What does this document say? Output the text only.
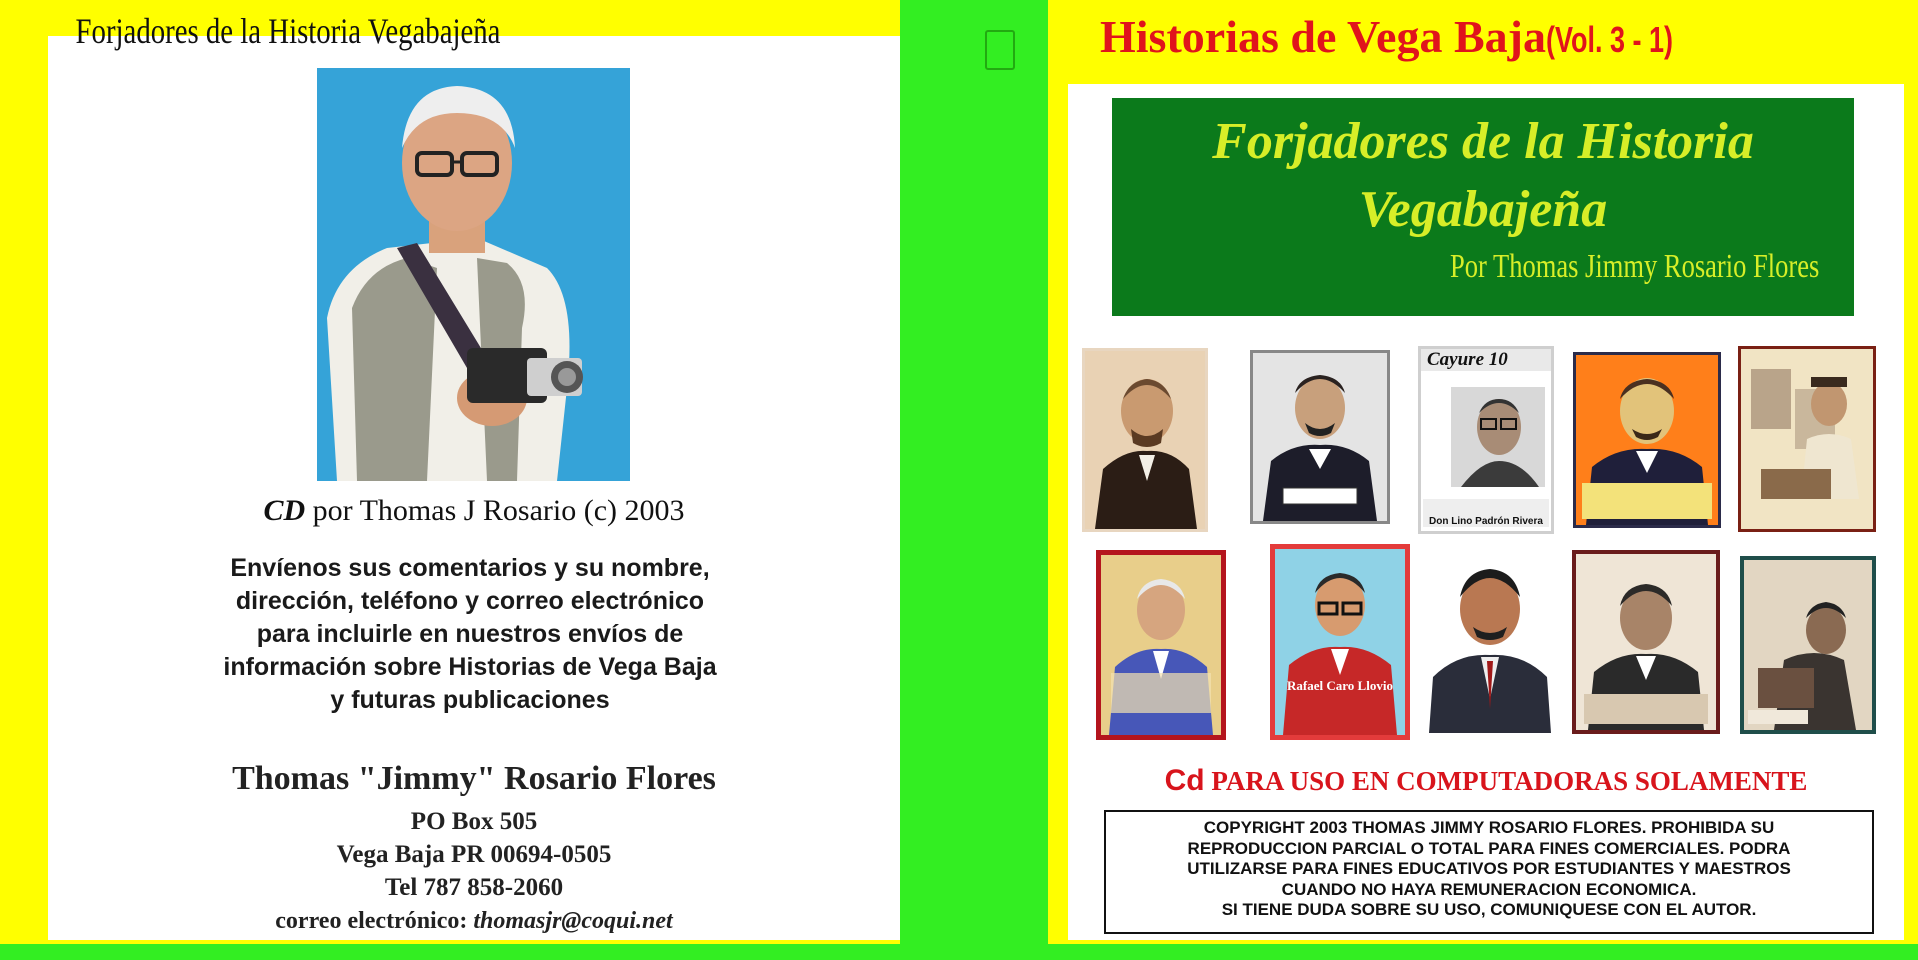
Forjadores de la Historia Vegabajeña
CD por Thomas J Rosario (c) 2003
Envíenos sus comentarios y su nombre,
dirección, teléfono y correo electrónico
para incluirle en nuestros envíos de
información sobre Historias de Vega Baja
y futuras publicaciones
Thomas "Jimmy" Rosario Flores
PO Box 505
Vega Baja PR 00694-0505
Tel 787 858-2060
correo electrónico: thomasjr@coqui.net
Historias de Vega Baja(Vol. 3 - 1)
Forjadores de la Historia
Vegabajeña
Por Thomas Jimmy Rosario Flores
Cayure 10
Don Lino Padrón Rivera
Rafael Caro Llovio
Cd PARA USO EN COMPUTADORAS SOLAMENTE
COPYRIGHT 2003 THOMAS JIMMY ROSARIO FLORES. PROHIBIDA SU
REPRODUCCION PARCIAL O TOTAL PARA FINES COMERCIALES. PODRA
UTILIZARSE PARA FINES EDUCATIVOS POR ESTUDIANTES Y MAESTROS
CUANDO NO HAYA REMUNERACION ECONOMICA.
SI TIENE DUDA SOBRE SU USO, COMUNIQUESE CON EL AUTOR.
